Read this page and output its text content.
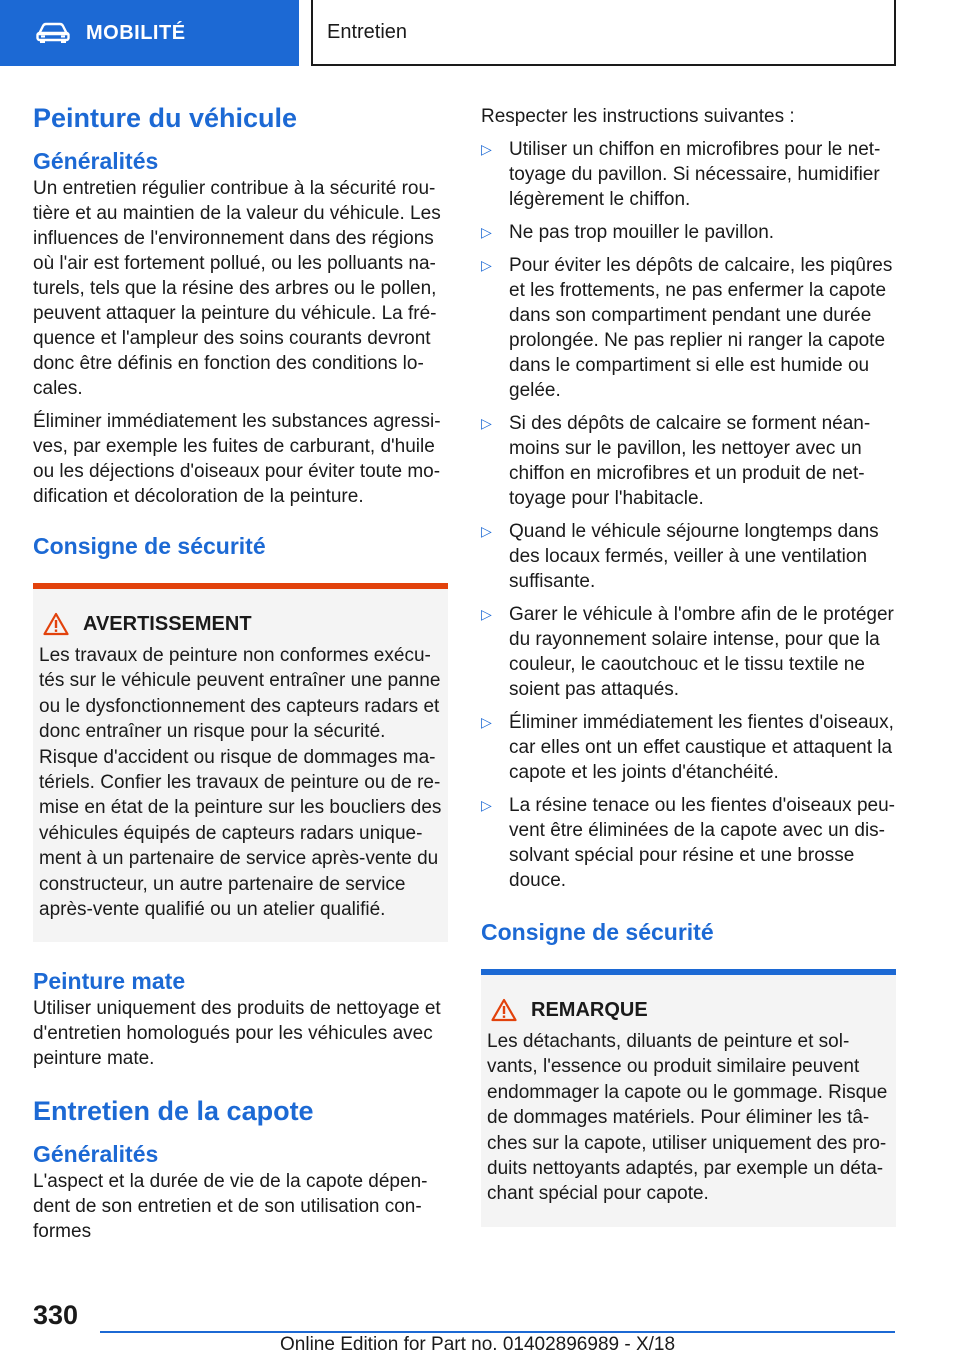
MOBILITÉ	Entretien
Peinture du véhicule
Généralités
Un entretien régulier contribue à la sécurité rou-tière et au maintien de la valeur du véhicule. Les influences de l'environnement dans des régions où l'air est fortement pollué, ou les polluants na-turels, tels que la résine des arbres ou le pollen, peuvent attaquer la peinture du véhicule. La fré-quence et l'ampleur des soins courants devront donc être définis en fonction des conditions lo-cales.
Éliminer immédiatement les substances agressi-ves, par exemple les fuites de carburant, d'huile ou les déjections d'oiseaux pour éviter toute mo-dification et décoloration de la peinture.
Consigne de sécurité
AVERTISSEMENT
Les travaux de peinture non conformes exécu-tés sur le véhicule peuvent entraîner une panne ou le dysfonctionnement des capteurs radars et donc entraîner un risque pour la sécurité. Risque d'accident ou risque de dommages ma-tériels. Confier les travaux de peinture ou de re-mise en état de la peinture sur les boucliers des véhicules équipés de capteurs radars unique-ment à un partenaire de service après-vente du constructeur, un autre partenaire de service après-vente qualifié ou un atelier qualifié.
Peinture mate
Utiliser uniquement des produits de nettoyage et d'entretien homologués pour les véhicules avec peinture mate.
Entretien de la capote
Généralités
L'aspect et la durée de vie de la capote dépen-dent de son entretien et de son utilisation con-formes
Respecter les instructions suivantes :
▷ Utiliser un chiffon en microfibres pour le net-toyage du pavillon. Si nécessaire, humidifier légèrement le chiffon.
▷ Ne pas trop mouiller le pavillon.
▷ Pour éviter les dépôts de calcaire, les piqûres et les frottements, ne pas enfermer la capote dans son compartiment pendant une durée prolongée. Ne pas replier ni ranger la capote dans le compartiment si elle est humide ou gelée.
▷ Si des dépôts de calcaire se forment néan-moins sur le pavillon, les nettoyer avec un chiffon en microfibres et un produit de net-toyage pour l'habitacle.
▷ Quand le véhicule séjourne longtemps dans des locaux fermés, veiller à une ventilation suffisante.
▷ Garer le véhicule à l'ombre afin de le protéger du rayonnement solaire intense, pour que la couleur, le caoutchouc et le tissu textile ne soient pas attaqués.
▷ Éliminer immédiatement les fientes d'oiseaux, car elles ont un effet caustique et attaquent la capote et les joints d'étanchéité.
▷ La résine tenace ou les fientes d'oiseaux peu-vent être éliminées de la capote avec un dis-solvant spécial pour résine et une brosse douce.
Consigne de sécurité
REMARQUE
Les détachants, diluants de peinture et sol-vants, l'essence ou produit similaire peuvent endommager la capote ou le gommage. Risque de dommages matériels. Pour éliminer les tâ-ches sur la capote, utiliser uniquement des pro-duits nettoyants adaptés, par exemple un déta-chant spécial pour capote.
330
Online Edition for Part no. 01402896989 - X/18
